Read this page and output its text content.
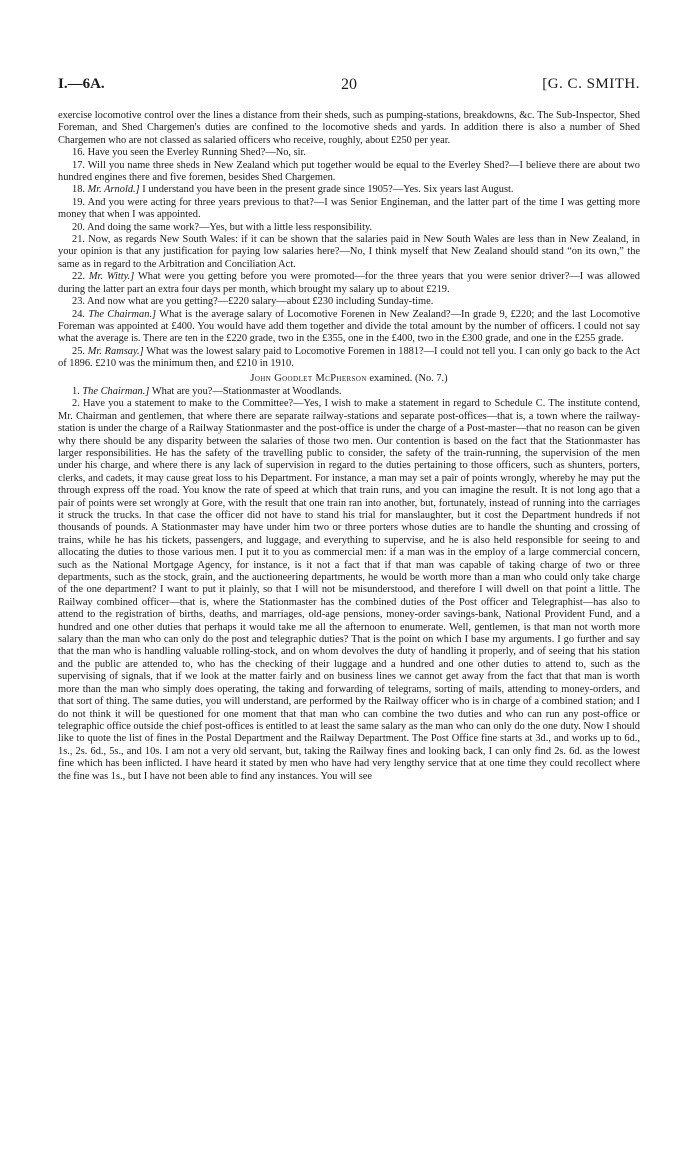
20
I.—6A.	[G. C. SMITH.

exercise locomotive control over the lines a distance from their sheds, such as pumping-stations, breakdowns, &c. The Sub-Inspector, Shed Foreman, and Shed Chargemen's duties are confined to the locomotive sheds and yards. In addition there is also a number of Shed Chargemen who are not classed as salaried officers who receive, roughly, about £250 per year.

16. Have you seen the Everley Running Shed?—No, sir.

17. Will you name three sheds in New Zealand which put together would be equal to the Everley Shed?—I believe there are about two hundred engines there and five foremen, besides Shed Chargemen.

18. Mr. Arnold.] I understand you have been in the present grade since 1905?—Yes. Six years last August.

19. And you were acting for three years previous to that?—I was Senior Engineman, and the latter part of the time I was getting more money that when I was appointed.

20. And doing the same work?—Yes, but with a little less responsibility.

21. Now, as regards New South Wales: if it can be shown that the salaries paid in New South Wales are less than in New Zealand, in your opinion is that any justification for paying low salaries here?—No, I think myself that New Zealand should stand “on its own,” the same as in regard to the Arbitration and Conciliation Act.

22. Mr. Witty.] What were you getting before you were promoted—for the three years that you were senior driver?—I was allowed during the latter part an extra four days per month, which brought my salary up to about £219.

23. And now what are you getting?—£220 salary—about £230 including Sunday-time.

24. The Chairman.] What is the average salary of Locomotive Forenen in New Zealand?—In grade 9, £220; and the last Locomotive Foreman was appointed at £400. You would have add them together and divide the total amount by the number of officers. I could not say what the average is. There are ten in the £220 grade, two in the £355, one in the £400, two in the £300 grade, and one in the £255 grade.

25. Mr. Ramsay.] What was the lowest salary paid to Locomotive Foremen in 1881?—I could not tell you. I can only go back to the Act of 1896. £210 was the minimum then, and £210 in 1910.

John Goodlet McPherson examined. (No. 7.)

1. The Chairman.] What are you?—Stationmaster at Woodlands.

2. Have you a statement to make to the Committee?—Yes, I wish to make a statement in regard to Schedule C. The institute contend, Mr. Chairman and gentlemen, that where there are separate railway-stations and separate post-offices—that is, a town where the railway-station is under the charge of a Railway Stationmaster and the post-office is under the charge of a Post-master—that no reason can be given why there should be any disparity between the salaries of those two men. Our contention is based on the fact that the Stationmaster has larger responsibilities. He has the safety of the travelling public to consider, the safety of the train-running, the supervision of the men under his charge, and where there is any lack of supervision in regard to the duties pertaining to those officers, such as shunters, porters, clerks, and cadets, it may cause great loss to his Department. For instance, a man may set a pair of points wrongly, whereby he may put the through express off the road. You know the rate of speed at which that train runs, and you can imagine the result. It is not long ago that a pair of points were set wrongly at Gore, with the result that one train ran into another, but, fortunately, instead of running into the carriages it struck the trucks. In that case the officer did not have to stand his trial for manslaughter, but it cost the Department hundreds if not thousands of pounds. A Stationmaster may have under him two or three porters whose duties are to handle the shunting and crossing of trains, while he has his tickets, passengers, and luggage, and everything to supervise, and he is also held responsible for seeing to and allocating the duties to those various men. I put it to you as commercial men: if a man was in the employ of a large commercial concern, such as the National Mortgage Agency, for instance, is it not a fact that if that man was capable of taking charge of two or three departments, such as the stock, grain, and the auctioneering departments, he would be worth more than a man who could only take charge of the one department? I want to put it plainly, so that I will not be misunderstood, and therefore I will dwell on that point a little. The Railway combined officer—that is, where the Stationmaster has the combined duties of the Post officer and Telegraphist—has also to attend to the registration of births, deaths, and marriages, old-age pensions, money-order savings-bank, National Provident Fund, and a hundred and one other duties that perhaps it would take me all the afternoon to enumerate. Well, gentlemen, is that man not worth more salary than the man who can only do the post and telegraphic duties? That is the point on which I base my arguments. I go further and say that the man who is handling valuable rolling-stock, and on whom devolves the duty of handling it properly, and of seeing that his station and the public are attended to, who has the checking of their luggage and a hundred and one other duties to attend to, such as the supervising of signals, that if we look at the matter fairly and on business lines we cannot get away from the fact that that man is worth more than the man who simply does operating, the taking and forwarding of telegrams, sorting of mails, attending to money-orders, and that sort of thing. The same duties, you will understand, are performed by the Railway officer who is in charge of a combined station; and I do not think it will be questioned for one moment that that man who can combine the two duties and who can run any post-office or telegraphic office outside the chief post-offices is entitled to at least the same salary as the man who can only do the one duty. Now I should like to quote the list of fines in the Postal Department and the Railway Department. The Post Office fine starts at 3d., and works up to 6d., 1s., 2s. 6d., 5s., and 10s. I am not a very old servant, but, taking the Railway fines and looking back, I can only find 2s. 6d. as the lowest fine which has been inflicted. I have heard it stated by men who have had very lengthy service that at one time they could recollect where the fine was 1s., but I have not been able to find any instances. You will see
